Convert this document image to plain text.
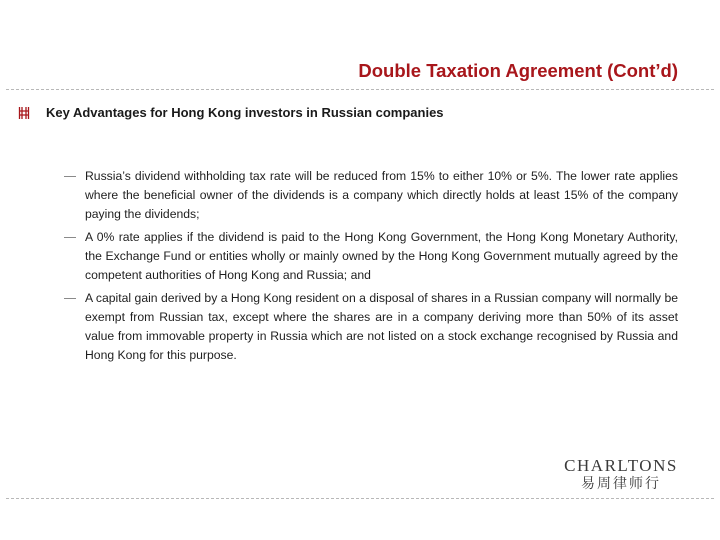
Double Taxation Agreement (Cont’d)
Key Advantages for Hong Kong investors in Russian companies
Russia’s dividend withholding tax rate will be reduced from 15% to either 10% or 5%. The lower rate applies where the beneficial owner of the dividends is a company which directly holds at least 15% of the company paying the dividends;
A 0% rate applies if the dividend is paid to the Hong Kong Government, the Hong Kong Monetary Authority, the Exchange Fund or entities wholly or mainly owned by the Hong Kong Government mutually agreed by the competent authorities of Hong Kong and Russia; and
A capital gain derived by a Hong Kong resident on a disposal of shares in a Russian company will normally be exempt from Russian tax, except where the shares are in a company deriving more than 50% of its asset value from immovable property in Russia which are not listed on a stock exchange recognised by Russia and Hong Kong for this purpose.
CHARLTONS
易周律师行
